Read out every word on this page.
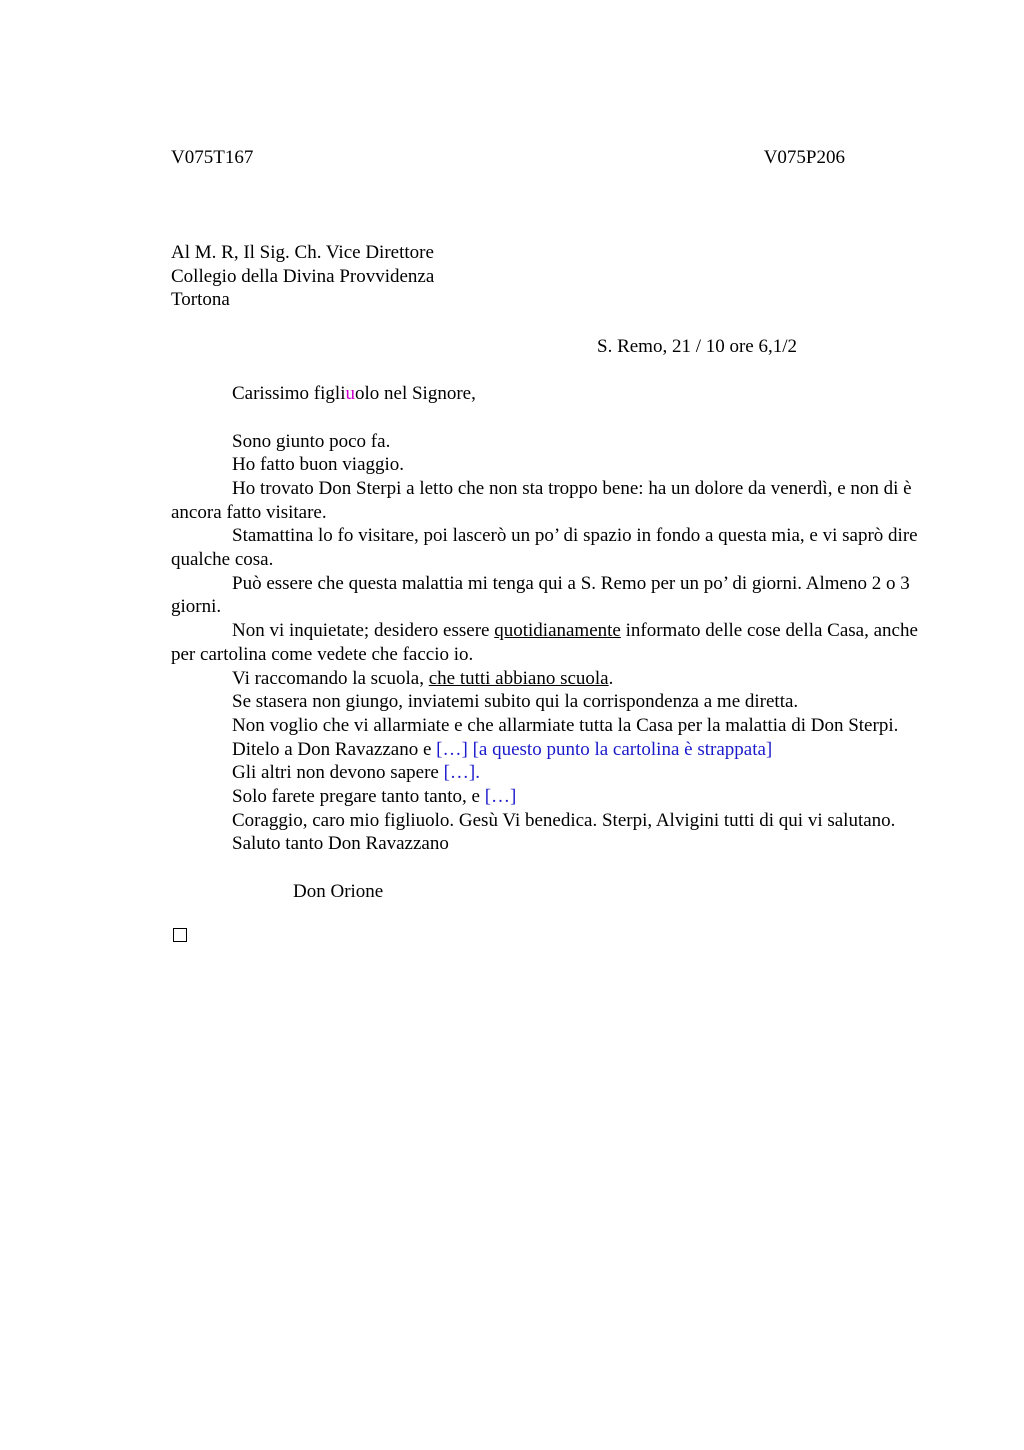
V075T167	V075P206
Al M. R, Il Sig. Ch. Vice Direttore
Collegio della Divina Provvidenza
Tortona
S. Remo, 21 / 10 ore 6,1/2
Carissimo figliuolo nel Signore,

Sono giunto poco fa.

Ho fatto buon viaggio.

Ho trovato Don Sterpi a letto che non sta troppo bene: ha un dolore da venerdì, e non di è ancora fatto visitare.

Stamattina lo fo visitare, poi lascerò un po’ di spazio in fondo a questa mia, e vi saprò dire qualche cosa.

Può essere che questa malattia mi tenga qui a S. Remo per un po’ di giorni. Almeno 2 o 3 giorni.

Non vi inquietate; desidero essere quotidianamente informato delle cose della Casa, anche per cartolina come vedete che faccio io.

Vi raccomando la scuola, che tutti abbiano scuola.

Se stasera non giungo, inviatemi subito qui la corrispondenza a me diretta.

Non voglio che vi allarmiate e che allarmiate tutta la Casa per la malattia di Don Sterpi.

Ditelo a Don Ravazzano e […] [a questo punto la cartolina è strappata]

Gli altri non devono sapere […].

Solo farete pregare tanto tanto, e […]

Coraggio, caro mio figliuolo. Gesù Vi benedica. Sterpi, Alvigini tutti di qui vi salutano.

Saluto tanto Don Ravazzano

Don Orione
